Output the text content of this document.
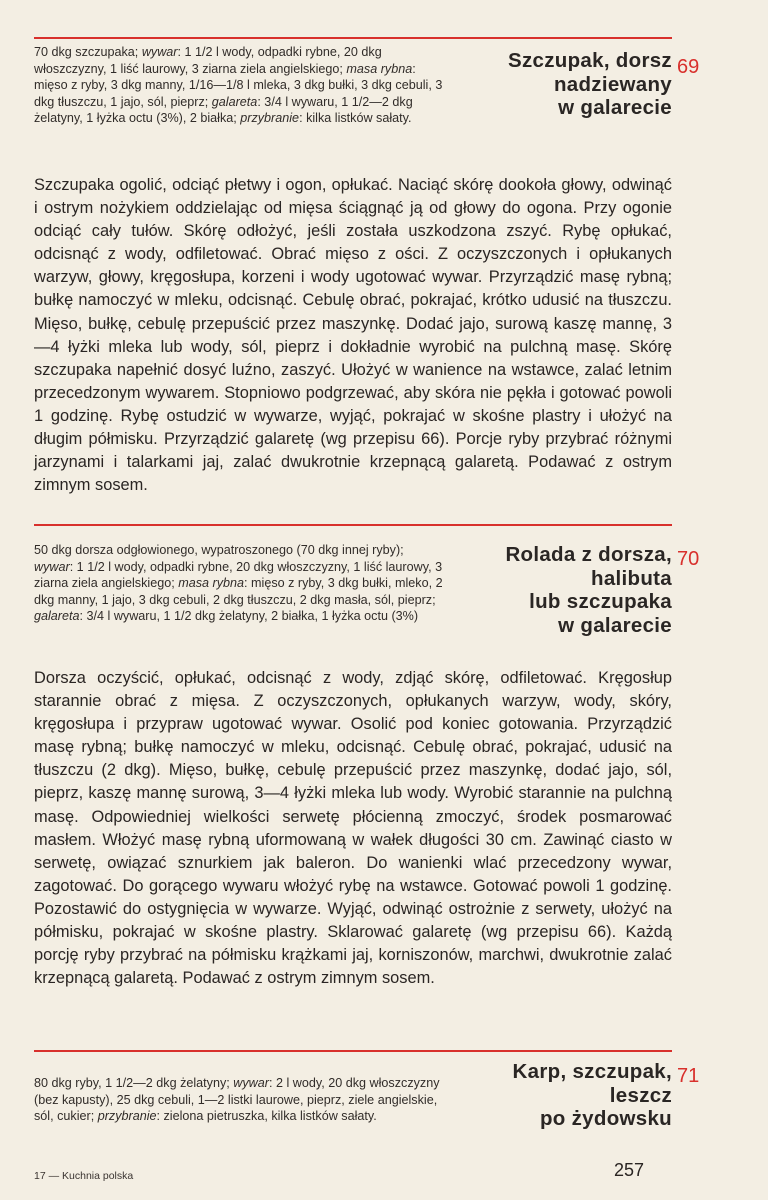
70 dkg szczupaka; wywar: 1 1/2 l wody, odpadki rybne, 20 dkg włoszczyzny, 1 liść laurowy, 3 ziarna ziela angielskiego; masa rybna: mięso z ryby, 3 dkg manny, 1/16—1/8 l mleka, 3 dkg bułki, 3 dkg cebuli, 3 dkg tłuszczu, 1 jajo, sól, pieprz; galareta: 3/4 l wywaru, 1 1/2—2 dkg żelatyny, 1 łyżka octu (3%), 2 białka; przybranie: kilka listków sałaty.

Szczupak, dorsz
nadziewany
w galarecie
69

Szczupaka ogolić, odciąć płetwy i ogon, opłukać. Naciąć skórę dookoła głowy, odwinąć i ostrym nożykiem oddzielając od mięsa ściągnąć ją od głowy do ogona. Przy ogonie odciąć cały tułów. Skórę odłożyć, jeśli została uszkodzona zszyć. Rybę opłukać, odcisnąć z wody, odfiletować. Obrać mięso z ości. Z oczyszczonych i opłukanych warzyw, głowy, kręgosłupa, korzeni i wody ugotować wywar. Przyrządzić masę rybną; bułkę namoczyć w mleku, odcisnąć. Cebulę obrać, pokrajać, krótko udusić na tłuszczu. Mięso, bułkę, cebulę przepuścić przez maszynkę. Dodać jajo, surową kaszę mannę, 3—4 łyżki mleka lub wody, sól, pieprz i dokładnie wyrobić na pulchną masę. Skórę szczupaka napełnić dosyć luźno, zaszyć. Ułożyć w wanience na wstawce, zalać letnim przecedzonym wywarem. Stopniowo podgrzewać, aby skóra nie pękła i gotować powoli 1 godzinę. Rybę ostudzić w wywarze, wyjąć, pokrajać w skośne plastry i ułożyć na długim półmisku. Przyrządzić galaretę (wg przepisu 66). Porcje ryby przybrać różnymi jarzynami i talarkami jaj, zalać dwukrotnie krzepnącą galaretą. Podawać z ostrym zimnym sosem.

50 dkg dorsza odgłowionego, wypatroszonego (70 dkg innej ryby); wywar: 1 1/2 l wody, odpadki rybne, 20 dkg włoszczyzny, 1 liść laurowy, 3 ziarna ziela angielskiego; masa rybna: mięso z ryby, 3 dkg bułki, mleko, 2 dkg manny, 1 jajo, 3 dkg cebuli, 2 dkg tłuszczu, 2 dkg masła, sól, pieprz; galareta: 3/4 l wywaru, 1 1/2 dkg żelatyny, 2 białka, 1 łyżka octu (3%)

Rolada z dorsza,
halibuta
lub szczupaka
w galarecie
70

Dorsza oczyścić, opłukać, odcisnąć z wody, zdjąć skórę, odfiletować. Kręgosłup starannie obrać z mięsa. Z oczyszczonych, opłukanych warzyw, wody, skóry, kręgosłupa i przypraw ugotować wywar. Osolić pod koniec gotowania. Przyrządzić masę rybną; bułkę namoczyć w mleku, odcisnąć. Cebulę obrać, pokrajać, udusić na tłuszczu (2 dkg). Mięso, bułkę, cebulę przepuścić przez maszynkę, dodać jajo, sól, pieprz, kaszę mannę surową, 3—4 łyżki mleka lub wody. Wyrobić starannie na pulchną masę. Odpowiedniej wielkości serwetę płócienną zmoczyć, środek posmarować masłem. Włożyć masę rybną uformowaną w wałek długości 30 cm. Zawinąć ciasto w serwetę, owiązać sznurkiem jak baleron. Do wanienki wlać przecedzony wywar, zagotować. Do gorącego wywaru włożyć rybę na wstawce. Gotować powoli 1 godzinę. Pozostawić do ostygnięcia w wywarze. Wyjąć, odwinąć ostrożnie z serwety, ułożyć na półmisku, pokrajać w skośne plastry. Sklarować galaretę (wg przepisu 66). Każdą porcję ryby przybrać na półmisku krążkami jaj, korniszonów, marchwi, dwukrotnie zalać krzepnącą galaretą. Podawać z ostrym zimnym sosem.

80 dkg ryby, 1 1/2—2 dkg żelatyny; wywar: 2 l wody, 20 dkg włoszczyzny (bez kapusty), 25 dkg cebuli, 1—2 listki laurowe, pieprz, ziele angielskie, sól, cukier; przybranie: zielona pietruszka, kilka listków sałaty.

Karp, szczupak,
leszcz
po żydowsku
71
17 — Kuchnia polska	257
